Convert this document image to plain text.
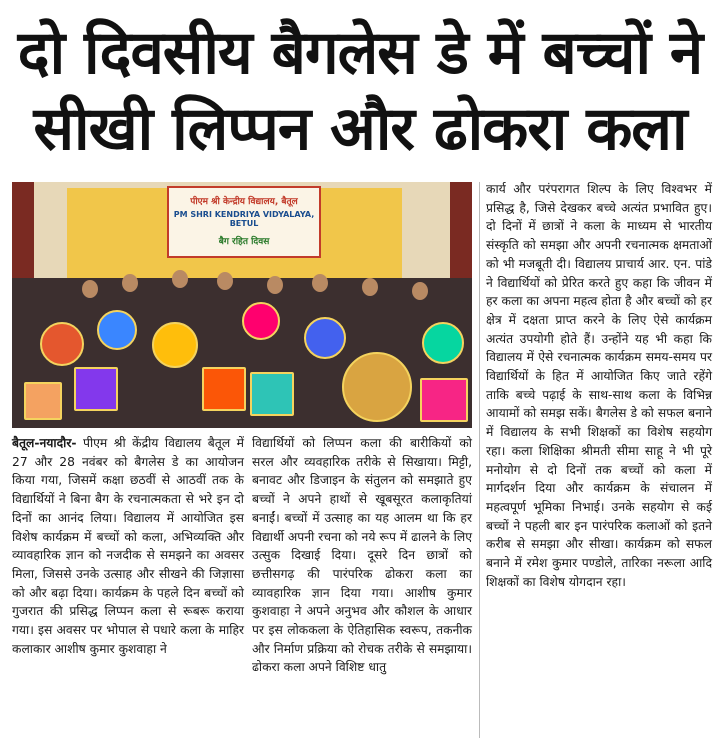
दो दिवसीय बैगलेस डे में बच्चों ने
सीखी लिप्पन और ढोकरा कला
पीएम श्री केन्द्रीय विद्यालय, बैतूल
PM SHRI KENDRIYA VIDYALAYA, BETUL
बैग रहित दिवस

बैतूल-नयादौर- पीएम श्री केंद्रीय विद्यालय बैतूल में 27 और 28 नवंबर को बैगलेस डे का आयोजन किया गया, जिसमें कक्षा छठवीं से आठवीं तक के विद्यार्थियों ने बिना बैग के रचनात्मकता से भरे इन दो दिनों का आनंद लिया। विद्यालय में आयोजित इस विशेष कार्यक्रम में बच्चों को कला, अभिव्यक्ति और व्यावहारिक ज्ञान को नजदीक से समझने का अवसर मिला, जिससे उनके उत्साह और सीखने की जिज्ञासा को और बढ़ा दिया। कार्यक्रम के पहले दिन बच्चों को गुजरात की प्रसिद्ध लिप्पन कला से रूबरू कराया गया। इस अवसर पर भोपाल से पधारे कला के माहिर कलाकार आशीष कुमार कुशवाहा ने

विद्यार्थियों को लिप्पन कला की बारीकियों को सरल और व्यवहारिक तरीके से सिखाया। मिट्टी, बनावट और डिजाइन के संतुलन को समझाते हुए बच्चों ने अपने हाथों से खूबसूरत कलाकृतियां बनाईं। बच्चों में उत्साह का यह आलम था कि हर विद्यार्थी अपनी रचना को नये रूप में ढालने के लिए उत्सुक दिखाई दिया। दूसरे दिन छात्रों को छत्तीसगढ़ की पारंपरिक ढोकरा कला का व्यावहारिक ज्ञान दिया गया। आशीष कुमार कुशवाहा ने अपने अनुभव और कौशल के आधार पर इस लोककला के ऐतिहासिक स्वरूप, तकनीक और निर्माण प्रक्रिया को रोचक तरीके से समझाया। ढोकरा कला अपने विशिष्ट धातु

कार्य और परंपरागत शिल्प के लिए विश्वभर में प्रसिद्ध है, जिसे देखकर बच्चे अत्यंत प्रभावित हुए। दो दिनों में छात्रों ने कला के माध्यम से भारतीय संस्कृति को समझा और अपनी रचनात्मक क्षमताओं को भी मजबूती दी। विद्यालय प्राचार्य आर. एन. पांडे ने विद्यार्थियों को प्रेरित करते हुए कहा कि जीवन में हर कला का अपना महत्व होता है और बच्चों को हर क्षेत्र में दक्षता प्राप्त करने के लिए ऐसे कार्यक्रम अत्यंत उपयोगी होते हैं। उन्होंने यह भी कहा कि विद्यालय में ऐसे रचनात्मक कार्यक्रम समय-समय पर विद्यार्थियों के हित में आयोजित किए जाते रहेंगे ताकि बच्चे पढ़ाई के साथ-साथ कला के विभिन्न आयामों को समझ सकें। बैगलेस डे को सफल बनाने में विद्यालय के सभी शिक्षकों का विशेष सहयोग रहा। कला शिक्षिका श्रीमती सीमा साहू ने भी पूरे मनोयोग से दो दिनों तक बच्चों को कला में मार्गदर्शन दिया और कार्यक्रम के संचालन में महत्वपूर्ण भूमिका निभाई। उनके सहयोग से कई बच्चों ने पहली बार इन पारंपरिक कलाओं को इतने करीब से समझा और सीखा। कार्यक्रम को सफल बनाने में रमेश कुमार पण्डोले, तारिका नरूला आदि शिक्षकों का विशेष योगदान रहा।
